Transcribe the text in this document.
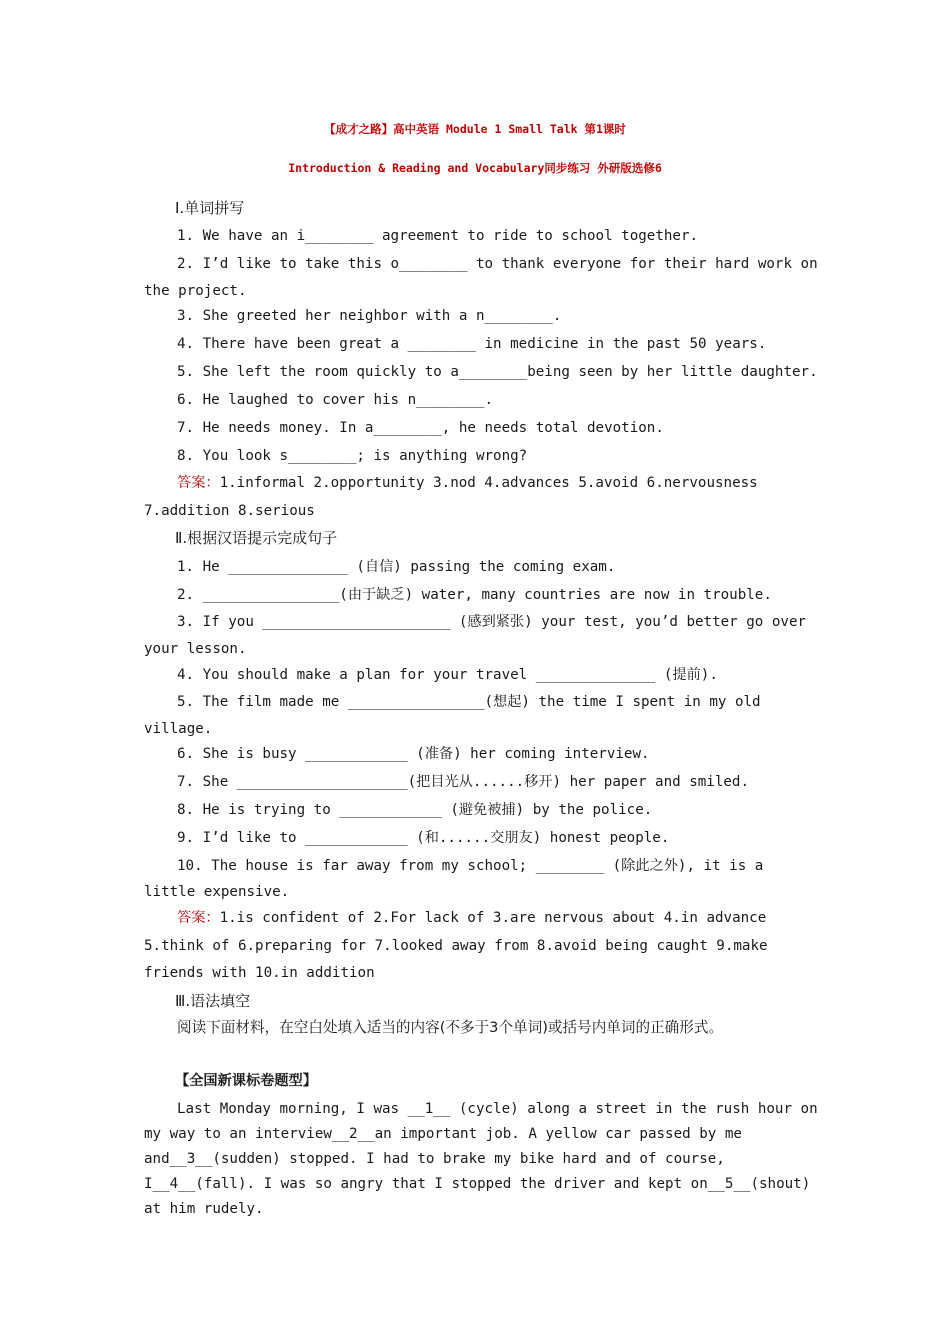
【成才之路】高中英语 Module 1 Small Talk 第1课时
Introduction & Reading and Vocabulary同步练习 外研版选修6
Ⅰ.单词拼写
1. We have an i________ agreement to ride to school together.
2. I’d like to take this o________ to thank everyone for their hard work on
the project.
3. She greeted her neighbor with a n________.
4. There have been great a ________ in medicine in the past 50 years.
5. She left the room quickly to a________being seen by her little daughter.
6. He laughed to cover his n________.
7. He needs money. In a________, he needs total devotion.
8. You look s________; is anything wrong?
答案：1.informal 2.opportunity 3.nod 4.advances 5.avoid 6.nervousness
7.addition 8.serious
Ⅱ.根据汉语提示完成句子
1. He ______________ (自信) passing the coming exam.
2. ________________(由于缺乏) water, many countries are now in trouble.
3. If you ______________________ (感到紧张) your test, you’d better go over
your lesson.
4. You should make a plan for your travel ______________ (提前).
5. The film made me ________________(想起) the time I spent in my old
village.
6. She is busy ____________ (准备) her coming interview.
7. She ____________________(把目光从......移开) her paper and smiled.
8. He is trying to ____________ (避免被捕) by the police.
9. I’d like to ____________ (和......交朋友) honest people.
10. The house is far away from my school; ________ (除此之外), it is a
little expensive.
答案：1.is confident of 2.For lack of 3.are nervous about 4.in advance
5.think of 6.preparing for 7.looked away from 8.avoid being caught 9.make
friends with 10.in addition
Ⅲ.语法填空
阅读下面材料，在空白处填入适当的内容(不多于3个单词)或括号内单词的正确形式。
【全国新课标卷题型】
Last Monday morning, I was __1__ (cycle) along a street in the rush hour on
my way to an interview__2__an important job. A yellow car passed by me
and__3__(sudden) stopped. I had to brake my bike hard and of course,
I__4__(fall). I was so angry that I stopped the driver and kept on__5__(shout)
at him rudely.
